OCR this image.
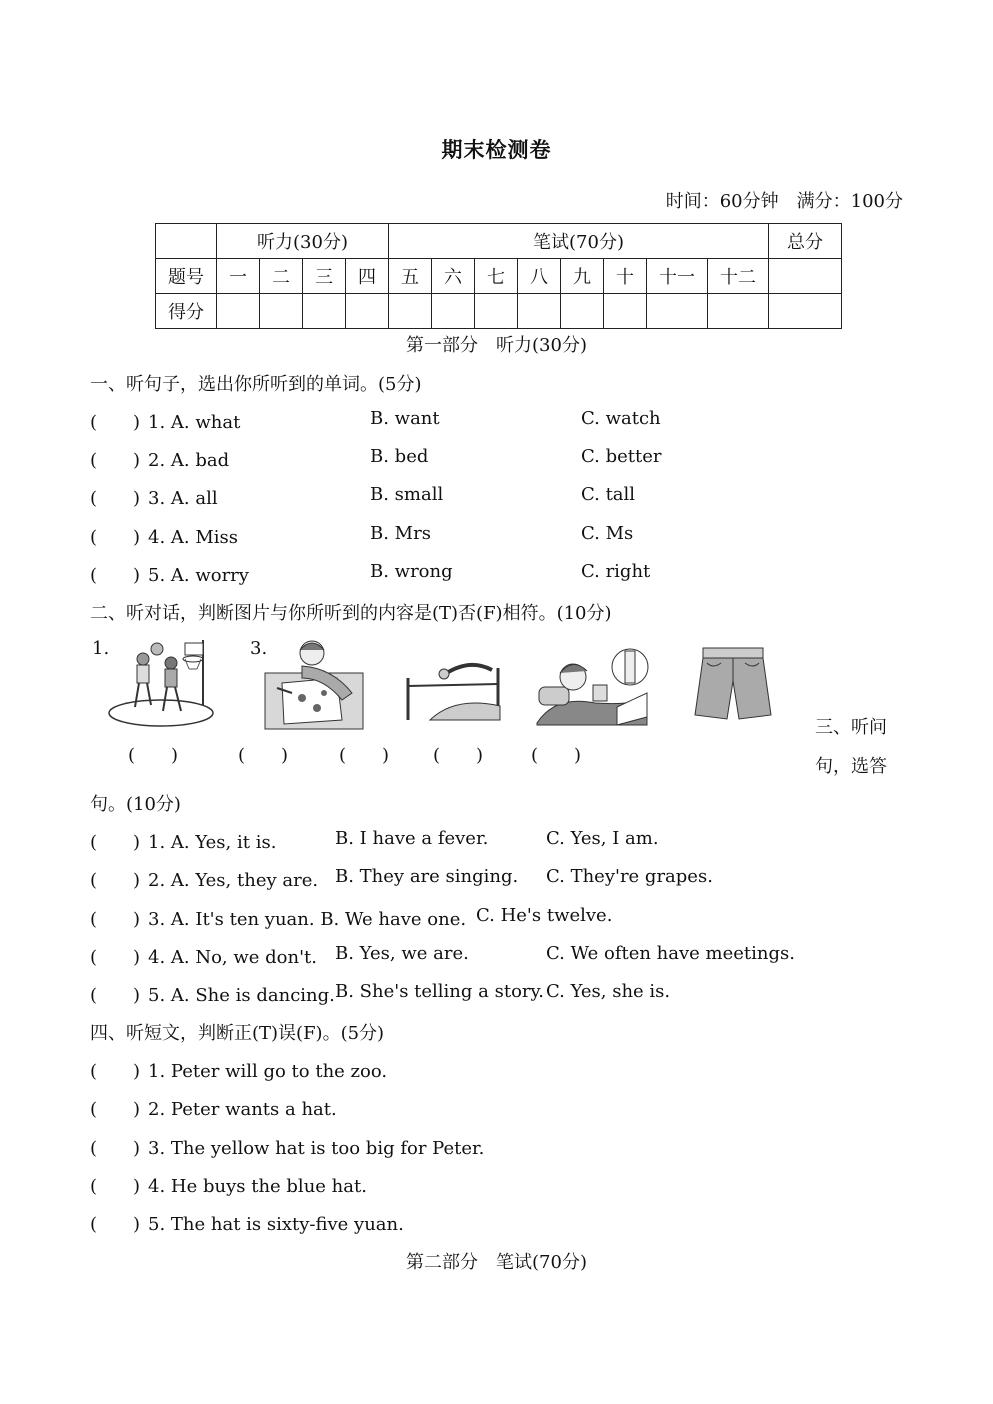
期末检测卷
时间：60分钟　满分：100分
	听力(30分)				笔试(70分)								总分
题号	一	二	三	四	五	六	七	八	九	十	十一	十二	
得分													
第一部分　听力(30分)
一、听句子，选出你所听到的单词。(5分)
(　　) 1. A. what	B. want	C. watch
(　　) 2. A. bad	B. bed	C. better
(　　) 3. A. all	B. small	C. tall
(　　) 4. A. Miss	B. Mrs	C. Ms
(　　) 5. A. worry	B. wrong	C. right
二、听对话，判断图片与你所听到的内容是(T)否(F)相符。(10分)
1.	3.
(　　)	(　　)	(　　) (　　)	(　　)
三、听问
句，选答
句。(10分)
(　　) 1. A. Yes, it is.	B. I have a fever.	C. Yes, I am.
(　　) 2. A. Yes, they are. B. They are singing. C. They're grapes.
(　　) 3. A. It's ten yuan. B. We have one. C. He's twelve.
(　　) 4. A. No, we don't. B. Yes, we are.	C. We often have meetings.
(　　) 5. A. She is dancing. B. She's telling a story. C. Yes, she is.
四、听短文，判断正(T)误(F)。(5分)
(　　) 1. Peter will go to the zoo.
(　　) 2. Peter wants a hat.
(　　) 3. The yellow hat is too big for Peter.
(　　) 4. He buys the blue hat.
(　　) 5. The hat is sixty-five yuan.
第二部分　笔试(70分)
